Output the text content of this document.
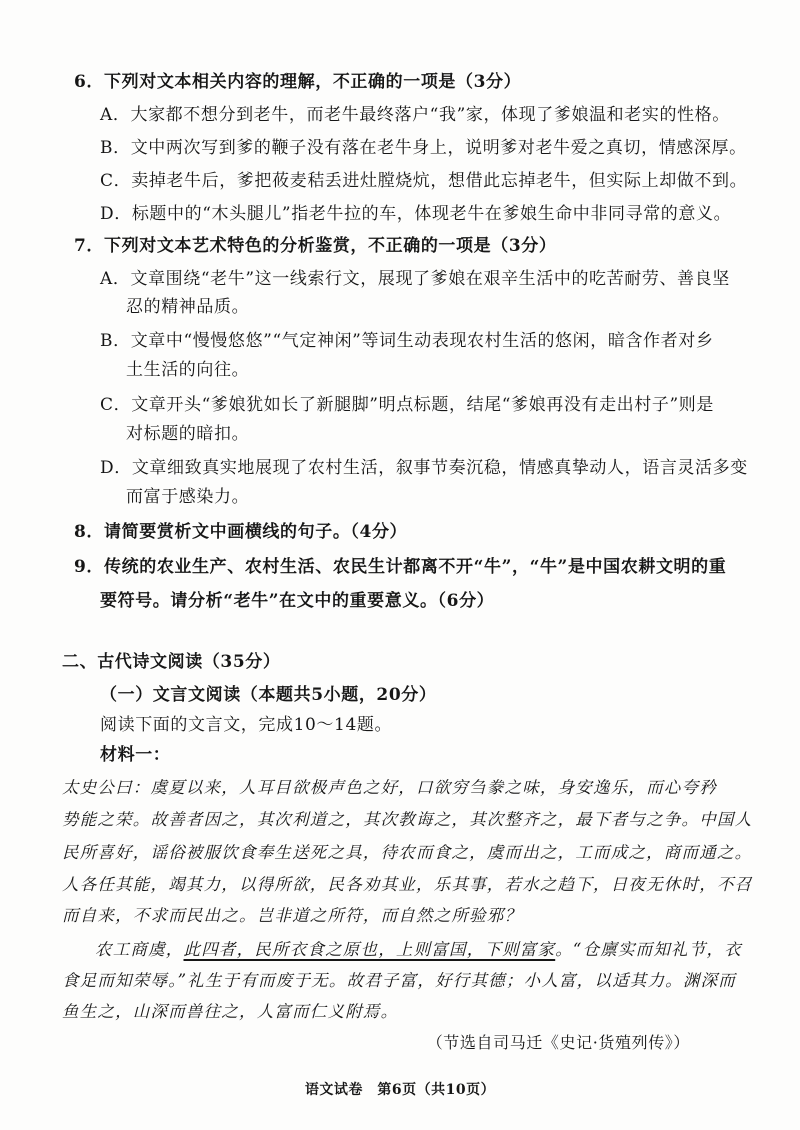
6．下列对文本相关内容的理解，不正确的一项是（3分）
A．大家都不想分到老牛，而老牛最终落户“我”家，体现了爹娘温和老实的性格。
B．文中两次写到爹的鞭子没有落在老牛身上，说明爹对老牛爱之真切，情感深厚。
C．卖掉老牛后，爹把莜麦秸丢进灶膛烧炕，想借此忘掉老牛，但实际上却做不到。
D．标题中的“木头腿儿”指老牛拉的车，体现老牛在爹娘生命中非同寻常的意义。
7．下列对文本艺术特色的分析鉴赏，不正确的一项是（3分）
A．文章围绕“老牛”这一线索行文，展现了爹娘在艰辛生活中的吃苦耐劳、善良坚
忍的精神品质。
B．文章中“慢慢悠悠”“气定神闲”等词生动表现农村生活的悠闲，暗含作者对乡
土生活的向往。
C．文章开头“爹娘犹如长了新腿脚”明点标题，结尾“爹娘再没有走出村子”则是
对标题的暗扣。
D．文章细致真实地展现了农村生活，叙事节奏沉稳，情感真挚动人，语言灵活多变
而富于感染力。
8．请简要赏析文中画横线的句子。（4分）
9．传统的农业生产、农村生活、农民生计都离不开“牛”，“牛”是中国农耕文明的重
要符号。请分析“老牛”在文中的重要意义。（6分）
二、古代诗文阅读（35分）
（一）文言文阅读（本题共5小题，20分）
阅读下面的文言文，完成10～14题。
材料一：
太史公曰：虞夏以来，人耳目欲极声色之好，口欲穷刍豢之味，身安逸乐，而心夸矜
势能之荣。故善者因之，其次利道之，其次教诲之，其次整齐之，最下者与之争。中国人
民所喜好，谣俗被服饮食奉生送死之具，待农而食之，虞而出之，工而成之，商而通之。
人各任其能，竭其力，以得所欲，民各劝其业，乐其事，若水之趋下，日夜无休时，不召
而自来，不求而民出之。岂非道之所符，而自然之所验邪？
农工商虞，此四者，民所衣食之原也，上则富国，下则富家。“仓廪实而知礼节，衣
食足而知荣辱。”礼生于有而废于无。故君子富，好行其德；小人富，以适其力。渊深而
鱼生之，山深而兽往之，人富而仁义附焉。
（节选自司马迁《史记·货殖列传》）
语文试卷　第6页（共10页）
